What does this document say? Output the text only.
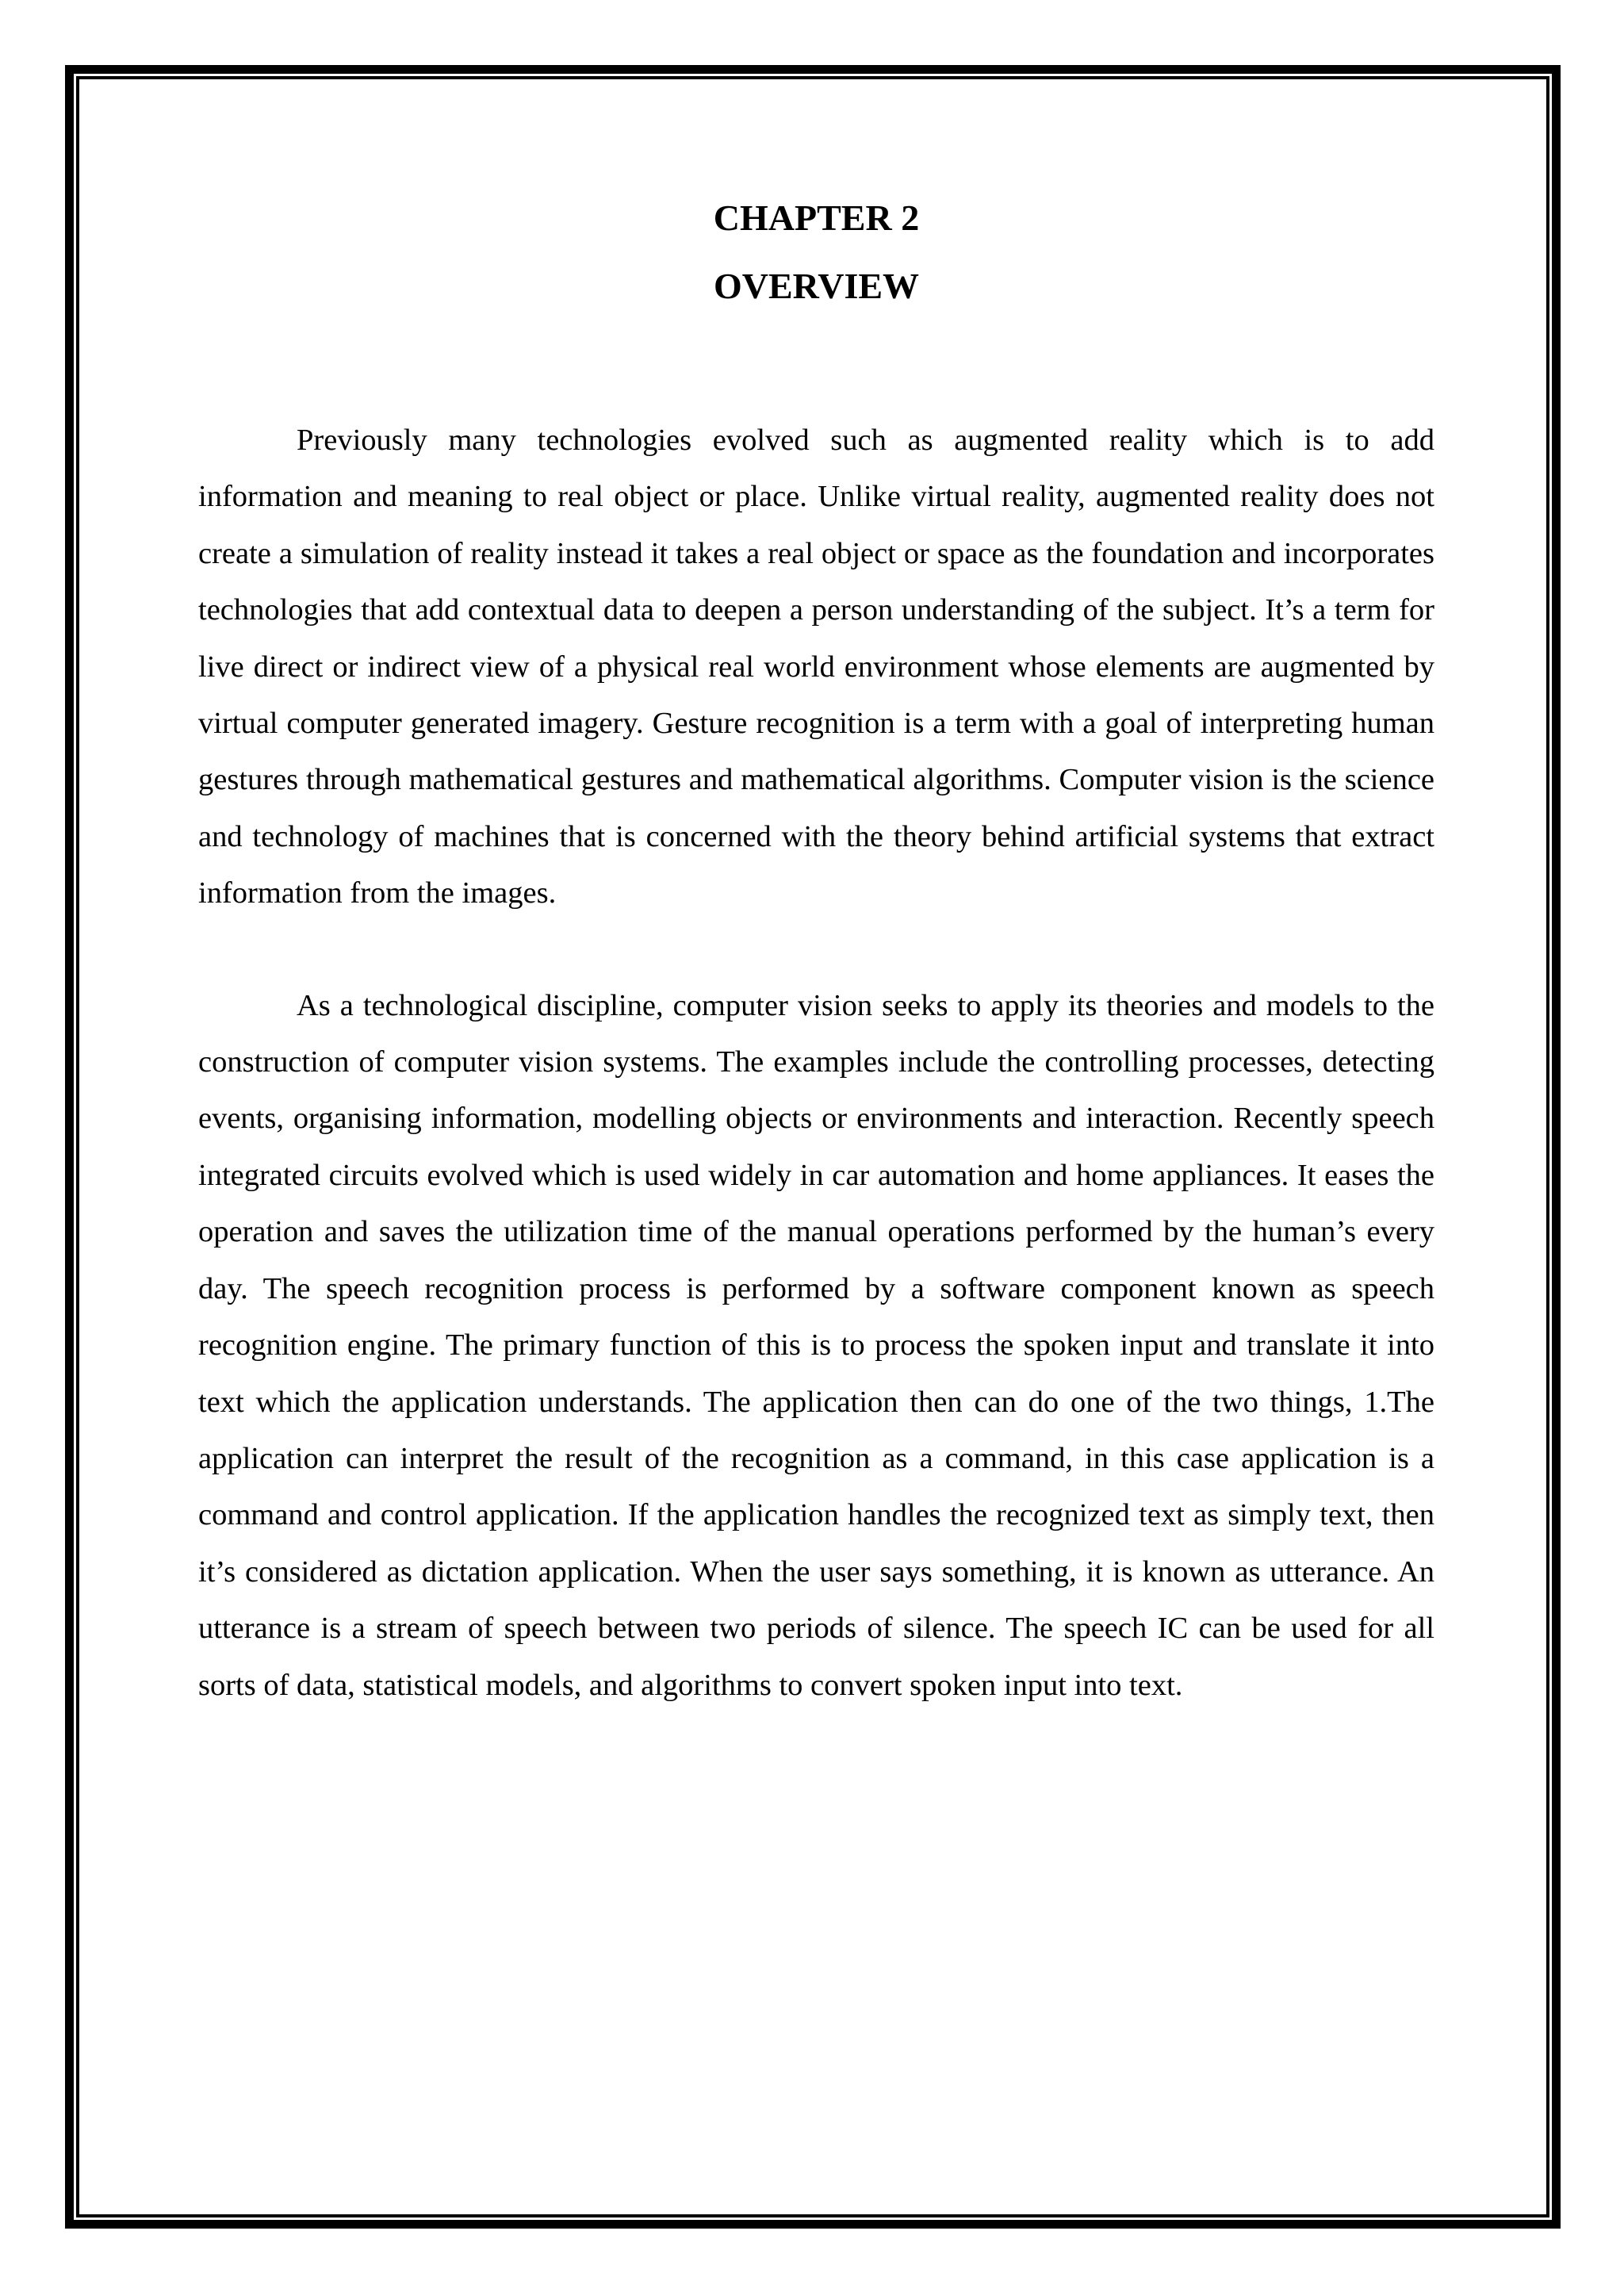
CHAPTER 2
OVERVIEW

Previously many technologies evolved such as augmented reality which is to add information and meaning to real object or place. Unlike virtual reality, augmented reality does not create a simulation of reality instead it takes a real object or space as the foundation and incorporates technologies that add contextual data to deepen a person understanding of the subject. It’s a term for live direct or indirect view of a physical real world environment whose elements are augmented by virtual computer generated imagery. Gesture recognition is a term with a goal of interpreting human gestures through mathematical gestures and mathematical algorithms. Computer vision is the science and technology of machines that is concerned with the theory behind artificial systems that extract information from the images.

As a technological discipline, computer vision seeks to apply its theories and models to the construction of computer vision systems. The examples include the controlling processes, detecting events, organising information, modelling objects or environments and interaction. Recently speech integrated circuits evolved which is used widely in car automation and home appliances. It eases the operation and saves the utilization time of the manual operations performed by the human’s every day. The speech recognition process is performed by a software component known as speech recognition engine. The primary function of this is to process the spoken input and translate it into text which the application understands. The application then can do one of the two things, 1.The application can interpret the result of the recognition as a command, in this case application is a command and control application. If the application handles the recognized text as simply text, then it’s considered as dictation application. When the user says something, it is known as utterance. An utterance is a stream of speech between two periods of silence. The speech IC can be used for all sorts of data, statistical models, and algorithms to convert spoken input into text.
